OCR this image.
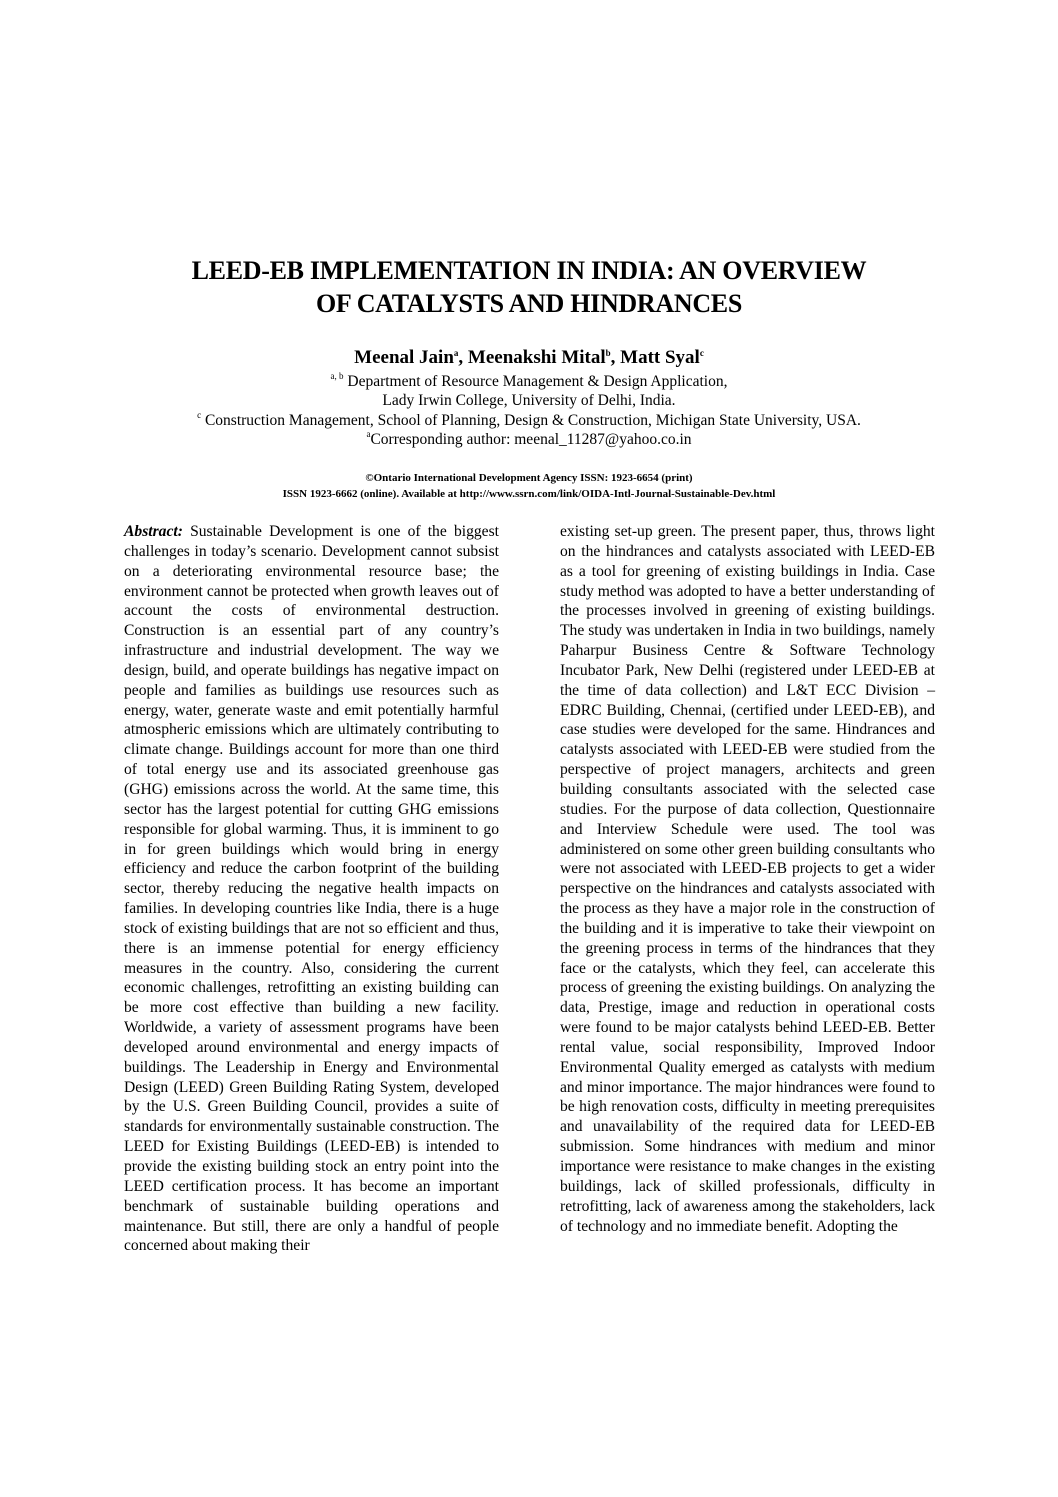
LEED-EB IMPLEMENTATION IN INDIA: AN OVERVIEW
OF CATALYSTS AND HINDRANCES
Meenal Jain$^a$, Meenakshi Mital$^b$, Matt Syal$^c$
$^{a, b}$ Department of Resource Management & Design Application,
Lady Irwin College, University of Delhi, India.
$^c$ Construction Management, School of Planning, Design & Construction, Michigan State University, USA.
$^a$Corresponding author: meenal_11287@yahoo.co.in
©Ontario International Development Agency ISSN: 1923-6654 (print)
ISSN 1923-6662 (online). Available at http://www.ssrn.com/link/OIDA-Intl-Journal-Sustainable-Dev.html

Abstract: Sustainable Development is one of the biggest challenges in today’s scenario. Development cannot subsist on a deteriorating environmental resource base; the environment cannot be protected when growth leaves out of account the costs of environmental destruction. Construction is an essential part of any country’s infrastructure and industrial development. The way we design, build, and operate buildings has negative impact on people and families as buildings use resources such as energy, water, generate waste and emit potentially harmful atmospheric emissions which are ultimately contributing to climate change. Buildings account for more than one third of total energy use and its associated greenhouse gas (GHG) emissions across the world. At the same time, this sector has the largest potential for cutting GHG emissions responsible for global warming. Thus, it is imminent to go in for green buildings which would bring in energy efficiency and reduce the carbon footprint of the building sector, thereby reducing the negative health impacts on families. In developing countries like India, there is a huge stock of existing buildings that are not so efficient and thus, there is an immense potential for energy efficiency measures in the country. Also, considering the current economic challenges, retrofitting an existing building can be more cost effective than building a new facility. Worldwide, a variety of assessment programs have been developed around environmental and energy impacts of buildings. The Leadership in Energy and Environmental Design (LEED) Green Building Rating System, developed by the U.S. Green Building Council, provides a suite of standards for environmentally sustainable construction. The LEED for Existing Buildings (LEED-EB) is intended to provide the existing building stock an entry point into the LEED certification process. It has become an important benchmark of sustainable building operations and maintenance. But still, there are only a handful of people concerned about making their

existing set-up green. The present paper, thus, throws light on the hindrances and catalysts associated with LEED-EB as a tool for greening of existing buildings in India. Case study method was adopted to have a better understanding of the processes involved in greening of existing buildings. The study was undertaken in India in two buildings, namely Paharpur Business Centre & Software Technology Incubator Park, New Delhi (registered under LEED-EB at the time of data collection) and L&T ECC Division – EDRC Building, Chennai, (certified under LEED-EB), and case studies were developed for the same. Hindrances and catalysts associated with LEED-EB were studied from the perspective of project managers, architects and green building consultants associated with the selected case studies. For the purpose of data collection, Questionnaire and Interview Schedule were used. The tool was administered on some other green building consultants who were not associated with LEED-EB projects to get a wider perspective on the hindrances and catalysts associated with the process as they have a major role in the construction of the building and it is imperative to take their viewpoint on the greening process in terms of the hindrances that they face or the catalysts, which they feel, can accelerate this process of greening the existing buildings. On analyzing the data, Prestige, image and reduction in operational costs were found to be major catalysts behind LEED-EB. Better rental value, social responsibility, Improved Indoor Environmental Quality emerged as catalysts with medium and minor importance. The major hindrances were found to be high renovation costs, difficulty in meeting prerequisites and unavailability of the required data for LEED-EB submission. Some hindrances with medium and minor importance were resistance to make changes in the existing buildings, lack of skilled professionals, difficulty in retrofitting, lack of awareness among the stakeholders, lack of technology and no immediate benefit. Adopting the
